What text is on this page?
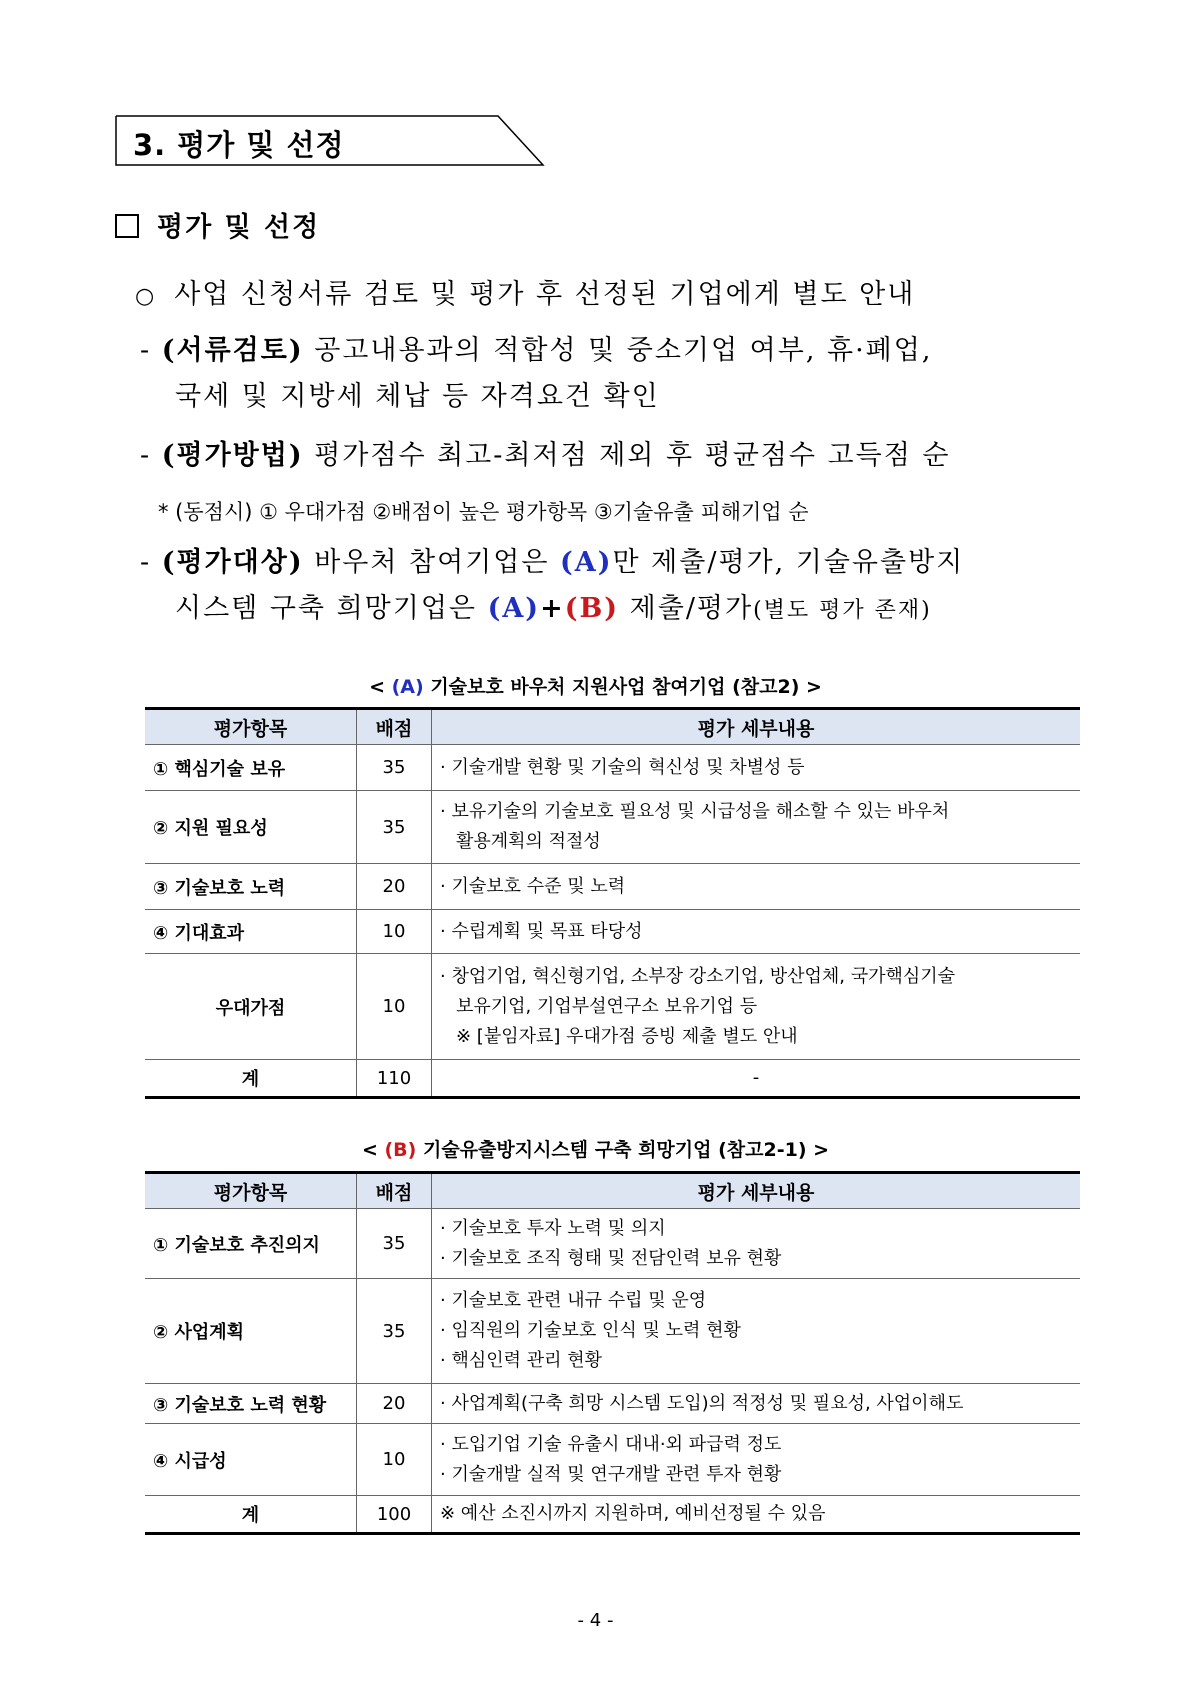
3. 평가 및 선정
평가 및 선정
○ 사업 신청서류 검토 및 평가 후 선정된 기업에게 별도 안내
- (서류검토) 공고내용과의 적합성 및 중소기업 여부, 휴·폐업,
국세 및 지방세 체납 등 자격요건 확인
- (평가방법) 평가점수 최고-최저점 제외 후 평균점수 고득점 순
* (동점시) ① 우대가점 ②배점이 높은 평가항목 ③기술유출 피해기업 순
- (평가대상) 바우처 참여기업은 (A)만 제출/평가, 기술유출방지
시스템 구축 희망기업은 (A)+(B) 제출/평가(별도 평가 존재)
< (A) 기술보호 바우처 지원사업 참여기업 (참고2) >
평가항목	배점	평가 세부내용
① 핵심기술 보유	35	· 기술개발 현황 및 기술의 혁신성 및 차별성 등

② 지원 필요성	35	· 보유기술의 기술보호 필요성 및 시급성을 해소할 수 있는 바우처
활용계획의 적절성

③ 기술보호 노력	20	· 기술보호 수준 및 노력

④ 기대효과	10	· 수립계획 및 목표 타당성

우대가점	10	· 창업기업, 혁신형기업, 소부장 강소기업, 방산업체, 국가핵심기술
보유기업, 기업부설연구소 보유기업 등
※ [붙임자료] 우대가점 증빙 제출 별도 안내

계	110	-
< (B) 기술유출방지시스템 구축 희망기업 (참고2-1) >
평가항목	배점	평가 세부내용
① 기술보호 추진의지	35	· 기술보호 투자 노력 및 의지
· 기술보호 조직 형태 및 전담인력 보유 현황

② 사업계획	35	· 기술보호 관련 내규 수립 및 운영
· 임직원의 기술보호 인식 및 노력 현황
· 핵심인력 관리 현황

③ 기술보호 노력 현황	20	· 사업계획(구축 희망 시스템 도입)의 적정성 및 필요성, 사업이해도

④ 시급성	10	· 도입기업 기술 유출시 대내·외 파급력 정도
· 기술개발 실적 및 연구개발 관련 투자 현황

계	100	※ 예산 소진시까지 지원하며, 예비선정될 수 있음
- 4 -
